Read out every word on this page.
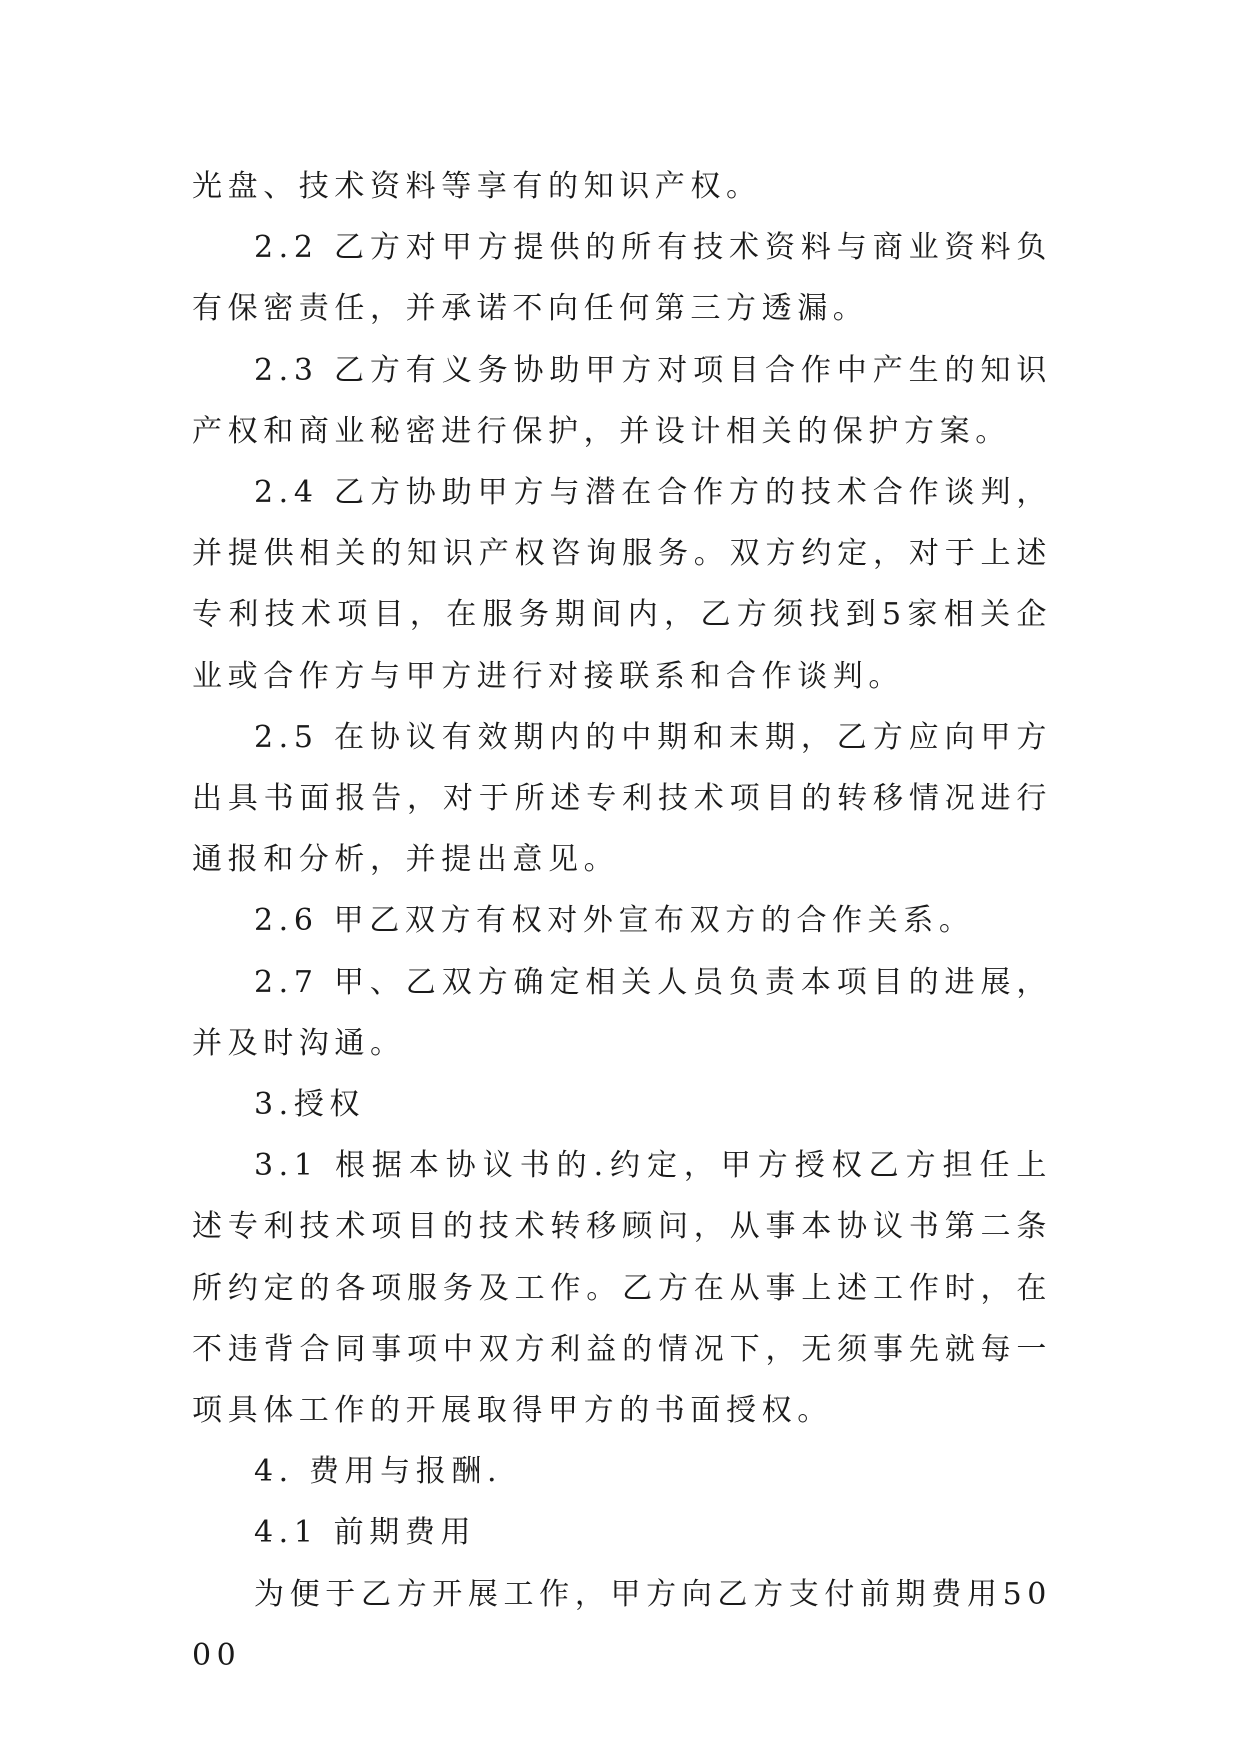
光盘、技术资料等享有的知识产权。

2.2 乙方对甲方提供的所有技术资料与商业资料负有保密责任，并承诺不向任何第三方透漏。

2.3 乙方有义务协助甲方对项目合作中产生的知识产权和商业秘密进行保护，并设计相关的保护方案。

2.4 乙方协助甲方与潜在合作方的技术合作谈判，并提供相关的知识产权咨询服务。双方约定，对于上述专利技术项目，在服务期间内，乙方须找到5家相关企业或合作方与甲方进行对接联系和合作谈判。

2.5 在协议有效期内的中期和末期，乙方应向甲方出具书面报告，对于所述专利技术项目的转移情况进行通报和分析，并提出意见。

2.6 甲乙双方有权对外宣布双方的合作关系。

2.7 甲、乙双方确定相关人员负责本项目的进展，并及时沟通。

3.授权

3.1 根据本协议书的.约定，甲方授权乙方担任上述专利技术项目的技术转移顾问，从事本协议书第二条所约定的各项服务及工作。乙方在从事上述工作时，在不违背合同事项中双方利益的情况下，无须事先就每一项具体工作的开展取得甲方的书面授权。

4. 费用与报酬.

4.1 前期费用

为便于乙方开展工作，甲方向乙方支付前期费用5000
